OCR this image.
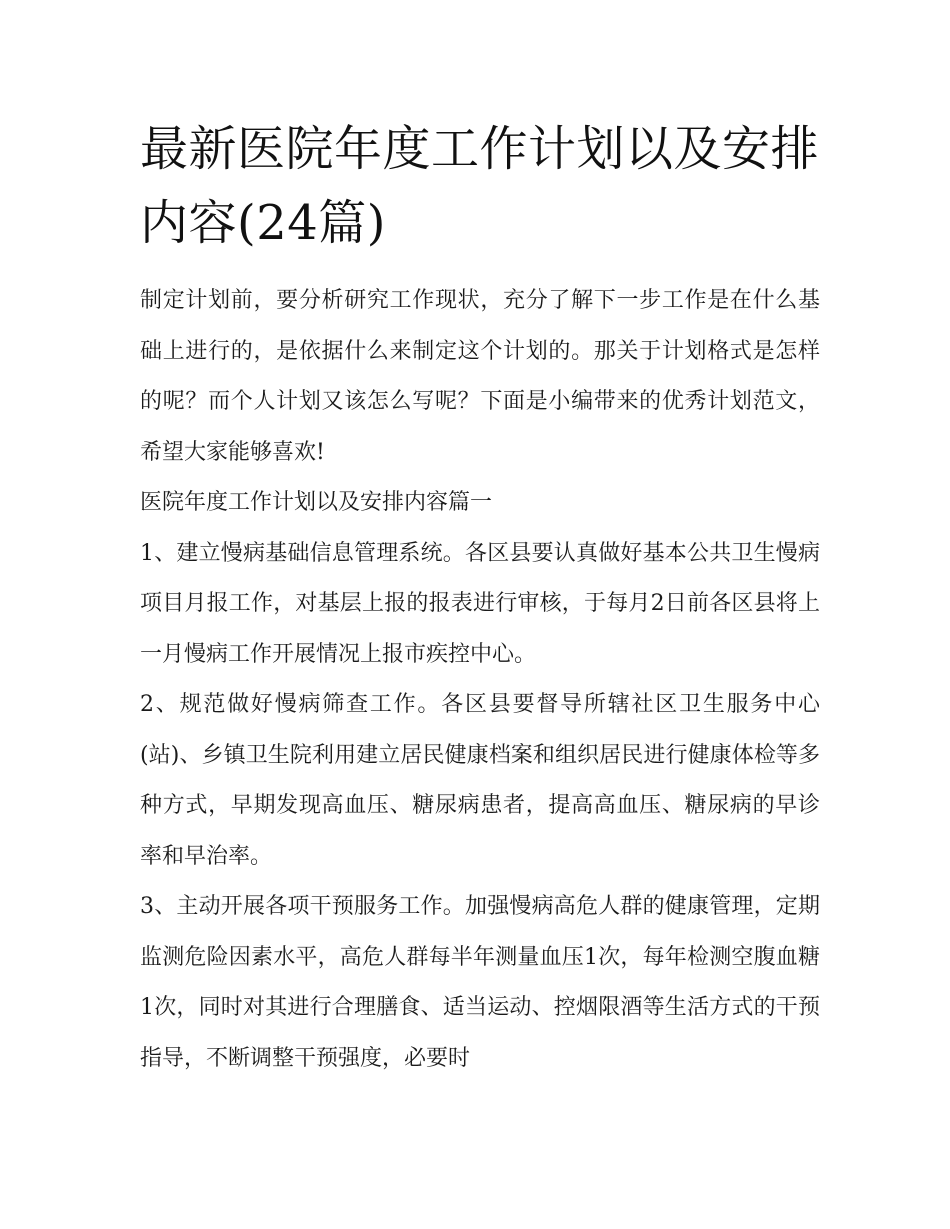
最新医院年度工作计划以及安排内容(24篇)

制定计划前，要分析研究工作现状，充分了解下一步工作是在什么基础上进行的，是依据什么来制定这个计划的。那关于计划格式是怎样的呢？而个人计划又该怎么写呢？下面是小编带来的优秀计划范文，希望大家能够喜欢!

医院年度工作计划以及安排内容篇一

1、建立慢病基础信息管理系统。各区县要认真做好基本公共卫生慢病项目月报工作，对基层上报的报表进行审核，于每月2日前各区县将上一月慢病工作开展情况上报市疾控中心。

2、规范做好慢病筛查工作。各区县要督导所辖社区卫生服务中心(站)、乡镇卫生院利用建立居民健康档案和组织居民进行健康体检等多种方式，早期发现高血压、糖尿病患者，提高高血压、糖尿病的早诊率和早治率。

3、主动开展各项干预服务工作。加强慢病高危人群的健康管理，定期监测危险因素水平，高危人群每半年测量血压1次，每年检测空腹血糖1次，同时对其进行合理膳食、适当运动、控烟限酒等生活方式的干预指导，不断调整干预强度，必要时
